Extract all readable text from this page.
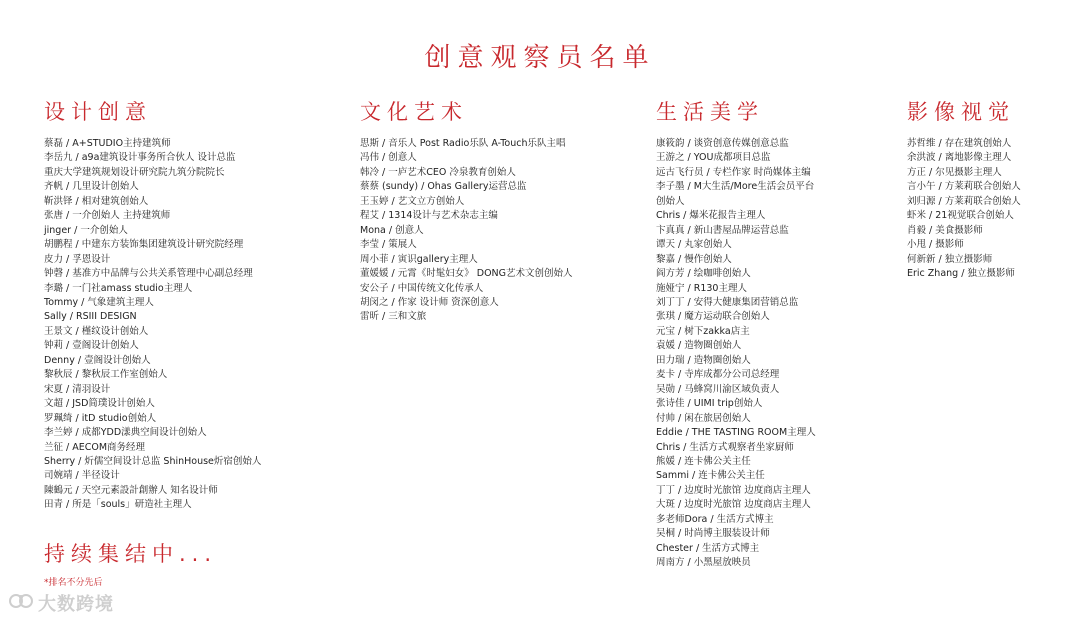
创意观察员名单
设计创意
蔡磊 / A+STUDIO主持建筑师
李岳九 / a9a建筑设计事务所合伙人 设计总监
重庆大学建筑规划设计研究院九筑分院院长
齐帆 / 几里设计创始人
靳洪铎 / 相对建筑创始人
张唐 / 一介创始人 主持建筑师
jinger / 一介创始人
胡鹏程 / 中建东方装饰集团建筑设计研究院经理
皮力 / 孚恩设计
钟磬 / 基准方中品牌与公共关系管理中心副总经理
李璐 / 一门社amass studio主理人
Tommy / 气象建筑主理人
Sally / RSIII DESIGN
王景文 / 槿纹设计创始人
钟莉 / 壹阁设计创始人
Denny / 壹阁设计创始人
黎秋辰 / 黎秋辰工作室创始人
宋夏 / 清羽设计
文超 / JSD简璞设计创始人
罗珮绮 / itD studio创始人
李兰婷 / 成都YDD漾典空间设计创始人
兰征 / AECOM商务经理
Sherry / 炘儒空间设计总监 ShinHouse炘宿创始人
司婉靖 / 半径设计
陳鶴元 / 天空元素設計創辦人 知名设计师
田青 / 所是「souls」研造社主理人
文化艺术
思斯 / 音乐人 Post Radio乐队 A-Touch乐队主唱
冯伟 / 创意人
韩冷 / 一庐艺术CEO 冷泉教育创始人
蔡蔡 (sundy) / Ohas Gallery运营总监
王玉婷 / 艺文立方创始人
程艾 / 1314设计与艺术杂志主编
Mona / 创意人
李莹 / 策展人
周小菲 / 寅识gallery主理人
董媛媛 / 元霄《时髦妇女》 DONG艺术文创创始人
安公子 / 中国传统文化传承人
胡闵之 / 作家 设计师 资深创意人
雷昕 / 三和文旅
生活美学
康筱韵 / 谈资创意传媒创意总监
王游之 / YOU成都项目总监
远古飞行员 / 专栏作家 时尚媒体主编
李子墨 / M大生活/More生活会员平台
创始人
Chris / 爆米花报告主理人
卞真真 / 新山書屋品牌运营总监
谭天 / 丸家创始人
黎嘉 / 慢作创始人
阎方芳 / 绘咖啡创始人
施娅宁 / R130主理人
刘丁丁 / 安得大健康集团营销总监
张琪 / 魔方运动联合创始人
元宝 / 树下zakka店主
袁媛 / 造物圈创始人
田力瑞 / 造物圈创始人
麦卡 / 寺库成都分公司总经理
吴勋 / 马蜂窝川渝区域负责人
张诗佳 / UIMI trip创始人
付帅 / 闲在旅居创始人
Eddie / THE TASTING ROOM主理人
Chris / 生活方式观察者坐家厨师
熊媛 / 连卡佛公关主任
Sammi / 连卡佛公关主任
丁丁 / 边度时光旅馆 边度商店主理人
大斑 / 边度时光旅馆 边度商店主理人
多老师Dora / 生活方式博主
吴桐 / 时尚博主服装设计师
Chester / 生活方式博主
周南方 / 小黑屋放映员
影像视觉
苏哲维 / 存在建筑创始人
余洪波 / 离地影像主理人
方正 / 尔见摄影主理人
言小午 / 方莱莉联合创始人
刘归源 / 方莱莉联合创始人
虾米 / 21视觉联合创始人
肖毅 / 美食摄影师
小甩 / 摄影师
何新新 / 独立摄影师
Eric Zhang / 独立摄影师
持续集结中...
*排名不分先后
大数跨境
